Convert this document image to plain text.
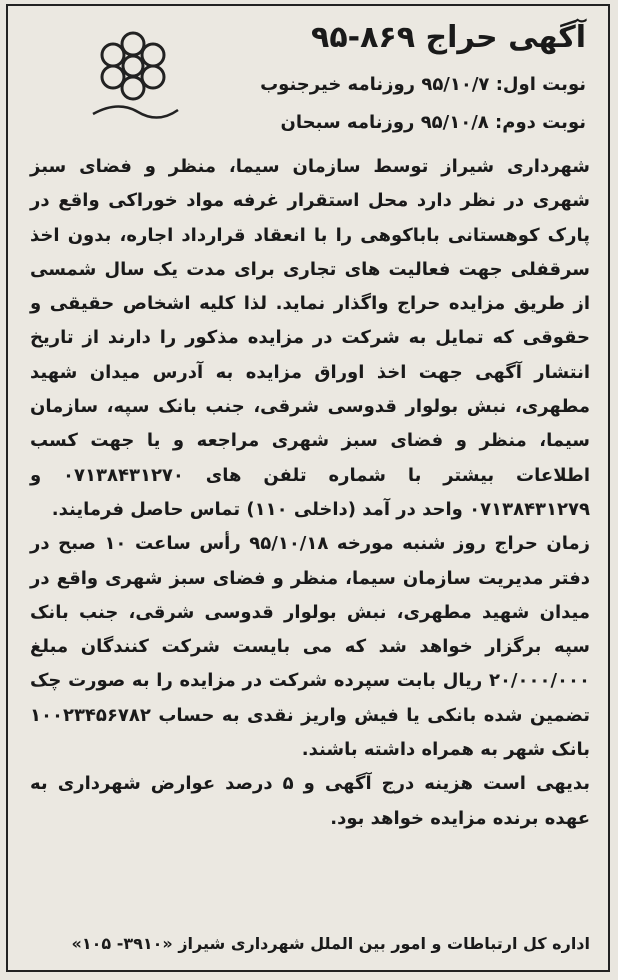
آگهی حراج ۸۶۹-۹۵
نوبت اول: ۹۵/۱۰/۷ روزنامه خیرجنوب
نوبت دوم: ۹۵/۱۰/۸ روزنامه سبحان

شهرداری شیراز توسط سازمان سیما، منظر و فضای سبز شهری در نظر دارد محل استقرار غرفه مواد خوراکی واقع در پارک کوهستانی باباکوهی را با انعقاد قرارداد اجاره، بدون اخذ سرقفلی جهت فعالیت های تجاری برای مدت یک سال شمسی از طریق مزایده حراج واگذار نماید. لذا کلیه اشخاص حقیقی و حقوقی که تمایل به شرکت در مزایده مذکور را دارند از تاریخ انتشار آگهی جهت اخذ اوراق مزایده به آدرس میدان شهید مطهری، نبش بولوار قدوسی شرقی، جنب بانک سپه، سازمان سیما، منظر و فضای سبز شهری مراجعه و یا جهت کسب اطلاعات بیشتر با شماره تلفن های ۰۷۱۳۸۴۳۱۲۷۰ و ۰۷۱۳۸۴۳۱۲۷۹ واحد در آمد (داخلی ۱۱۰) تماس حاصل فرمایند.

زمان حراج روز شنبه مورخه ۹۵/۱۰/۱۸ رأس ساعت ۱۰ صبح در دفتر مدیریت سازمان سیما، منظر و فضای سبز شهری واقع در میدان شهید مطهری، نبش بولوار قدوسی شرقی، جنب بانک سپه برگزار خواهد شد که می بایست شرکت کنندگان مبلغ ۲۰/۰۰۰/۰۰۰ ریال بابت سپرده شرکت در مزایده را به صورت چک تضمین شده بانکی یا فیش واریز نقدی به حساب ۱۰۰۲۳۴۵۶۷۸۲ بانک شهر به همراه داشته باشند.

بدیهی است هزینه درج آگهی و ۵ درصد عوارض شهرداری به عهده برنده مزایده خواهد بود.

اداره کل ارتباطات و امور بین الملل شهرداری شیراز «۳۹۱۰- ۱۰۵»
